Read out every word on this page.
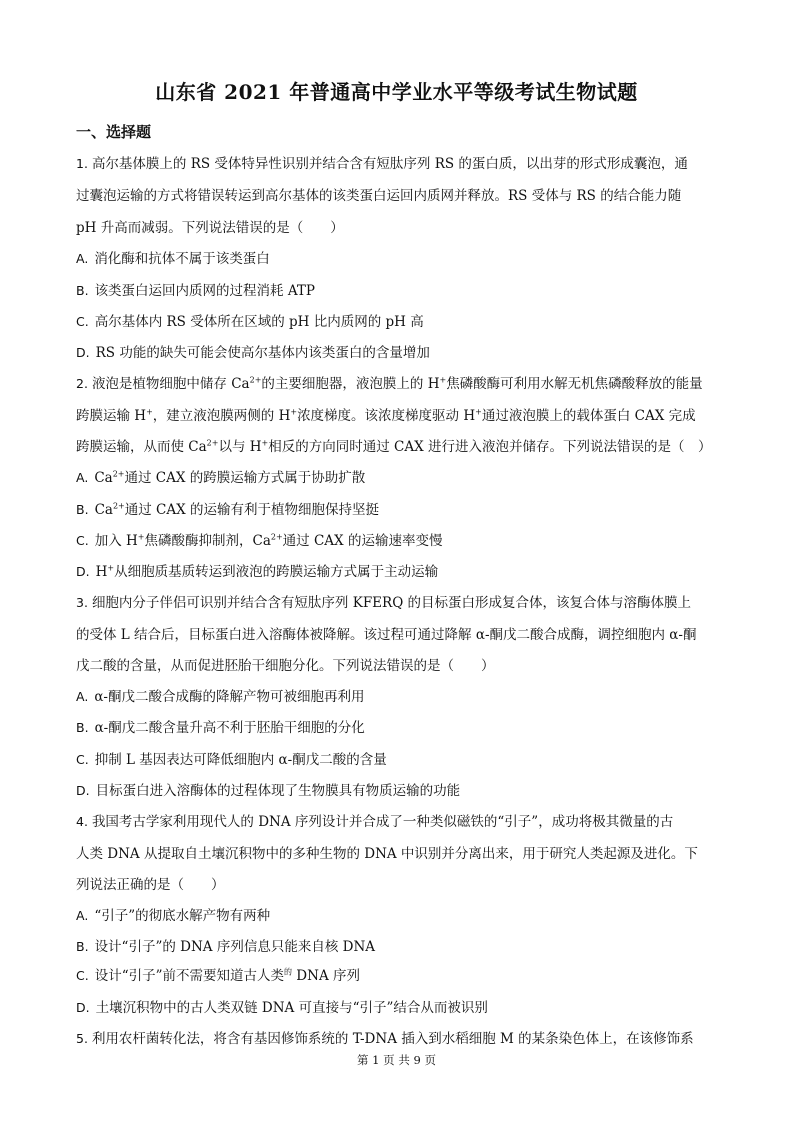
山东省 2021 年普通高中学业水平等级考试生物试题
一、选择题
1. 高尔基体膜上的 RS 受体特异性识别并结合含有短肽序列 RS 的蛋白质，以出芽的形式形成囊泡，通
过囊泡运输的方式将错误转运到高尔基体的该类蛋白运回内质网并释放。RS 受体与 RS 的结合能力随
pH 升高而减弱。下列说法错误的是（　　）
A. 消化酶和抗体不属于该类蛋白
B. 该类蛋白运回内质网的过程消耗 ATP
C. 高尔基体内 RS 受体所在区域的 pH 比内质网的 pH 高
D. RS 功能的缺失可能会使高尔基体内该类蛋白的含量增加
2. 液泡是植物细胞中储存 $Ca^{2+}$的主要细胞器，液泡膜上的 H+焦磷酸酶可利用水解无机焦磷酸释放的能量
跨膜运输 H+，建立液泡膜两侧的 H+浓度梯度。该浓度梯度驱动 H+通过液泡膜上的载体蛋白 CAX 完成
跨膜运输，从而使 $Ca^{2+}$以与 H+相反的方向同时通过 CAX 进行进入液泡并储存。下列说法错误的是（　）
A. $Ca^{2+}$通过 CAX 的跨膜运输方式属于协助扩散
B. $Ca^{2+}$通过 CAX 的运输有利于植物细胞保持坚挺
C. 加入 H+焦磷酸酶抑制剂，$Ca^{2+}$通过 CAX 的运输速率变慢
D. H+从细胞质基质转运到液泡的跨膜运输方式属于主动运输
3. 细胞内分子伴侣可识别并结合含有短肽序列 KFERQ 的目标蛋白形成复合体，该复合体与溶酶体膜上
的受体 L 结合后，目标蛋白进入溶酶体被降解。该过程可通过降解 α-酮戊二酸合成酶，调控细胞内 α-酮
戊二酸的含量，从而促进胚胎干细胞分化。下列说法错误的是（　　）
A. α-酮戊二酸合成酶的降解产物可被细胞再利用
B. α-酮戊二酸含量升高不利于胚胎干细胞的分化
C. 抑制 L 基因表达可降低细胞内 α-酮戊二酸的含量
D. 目标蛋白进入溶酶体的过程体现了生物膜具有物质运输的功能
4. 我国考古学家利用现代人的 DNA 序列设计并合成了一种类似磁铁的“引子”，成功将极其微量的古
人类 DNA 从提取自土壤沉积物中的多种生物的 DNA 中识别并分离出来，用于研究人类起源及进化。下
列说法正确的是（　　）
A. “引子”的彻底水解产物有两种
B. 设计“引子”的 DNA 序列信息只能来自核 DNA
C. 设计“引子”前不需要知道古人类$^的$ DNA 序列
D. 土壤沉积物中的古人类双链 DNA 可直接与“引子”结合从而被识别
5. 利用农杆菌转化法，将含有基因修饰系统的 T-DNA 插入到水稻细胞 M 的某条染色体上，在该修饰系
第 1 页 共 9 页
